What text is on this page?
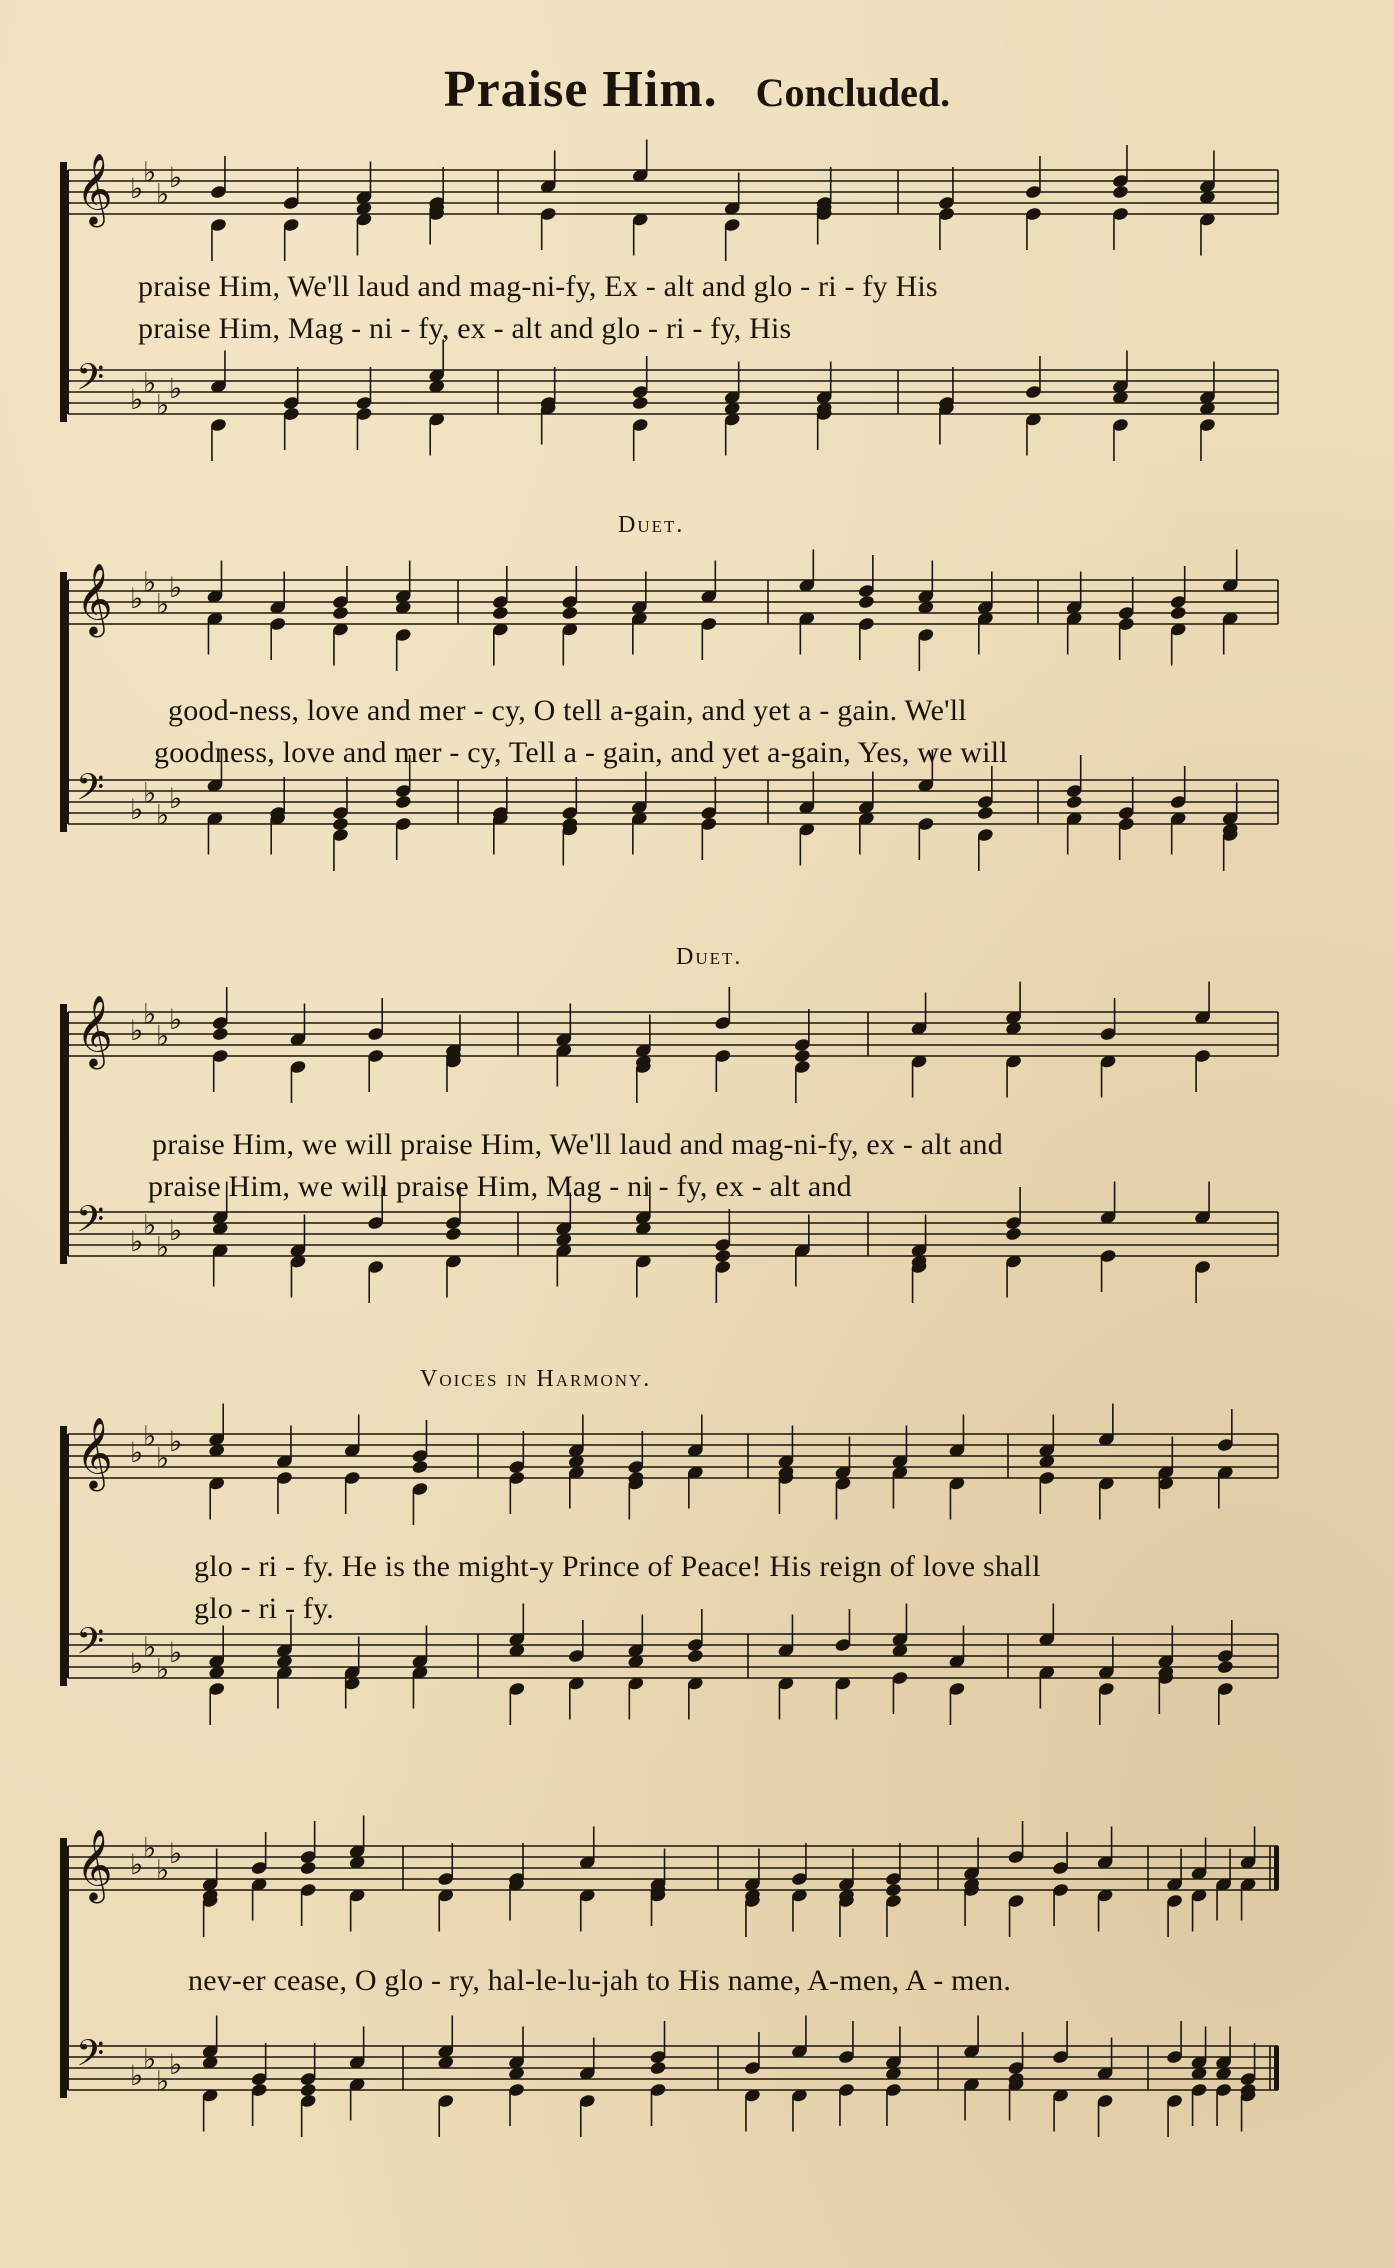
Praise Him. Concluded.
𝄞 ♭ ♭
♭ ♭
𝄢 ♭ ♭
♭ ♭
praise Him, We'll laud and mag-ni-fy, Ex - alt and glo - ri - fy His
praise Him, Mag - ni - fy, ex - alt and glo - ri - fy, His
Duet.
𝄞 ♭ ♭
♭ ♭
𝄢 ♭ ♭
♭ ♭
good-ness, love and mer - cy, O tell a-gain, and yet a - gain. We'll
goodness, love and mer - cy, Tell a - gain, and yet a-gain, Yes, we will
Duet.
𝄞 ♭ ♭
♭ ♭
𝄢 ♭ ♭
♭ ♭
praise Him, we will praise Him, We'll laud and mag-ni-fy, ex - alt and
praise Him, we will praise Him, Mag - ni - fy, ex - alt and
Voices in Harmony.
𝄞 ♭ ♭
♭ ♭
𝄢 ♭ ♭
♭ ♭
glo - ri - fy. He is the might-y Prince of Peace! His reign of love shall
glo - ri - fy.
𝄞 ♭ ♭
♭ ♭
𝄢 ♭ ♭
♭ ♭
nev-er cease, O glo - ry, hal-le-lu-jah to His name, A-men, A - men.
